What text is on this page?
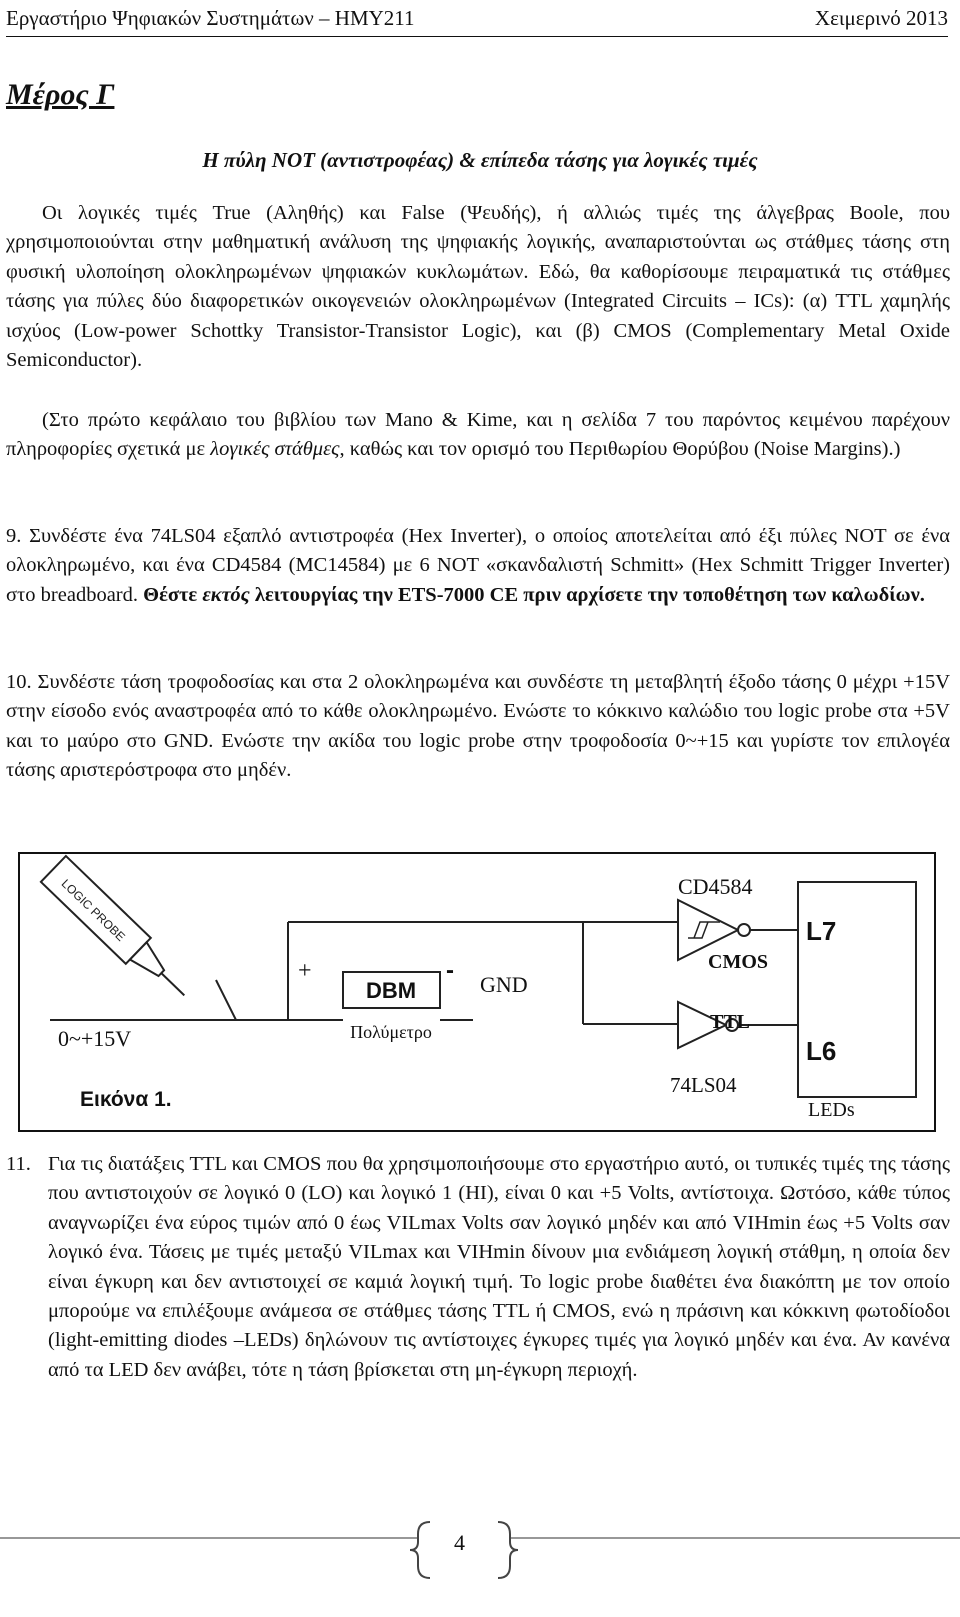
Εργαστήριο Ψηφιακών Συστημάτων – ΗΜΥ211	Χειμερινό 2013
Μέρος Γ
Η πύλη NOT (αντιστροφέας) & επίπεδα τάσης για λογικές τιμές
Οι λογικές τιμές True (Αληθής) και False (Ψευδής), ή αλλιώς τιμές της άλγεβρας Boole, που χρησιμοποιούνται στην μαθηματική ανάλυση της ψηφιακής λογικής, αναπαριστούνται ως στάθμες τάσης στη φυσική υλοποίηση ολοκληρωμένων ψηφιακών κυκλωμάτων. Εδώ, θα καθορίσουμε πειραματικά τις στάθμες τάσης για πύλες δύο διαφορετικών οικογενειών ολοκληρωμένων (Integrated Circuits – ICs): (α) TTL χαμηλής ισχύος (Low-power Schottky Transistor-Transistor Logic), και (β) CMOS (Complementary Metal Oxide Semiconductor).
(Στο πρώτο κεφάλαιο του βιβλίου των Mano & Kime, και η σελίδα 7 του παρόντος κειμένου παρέχουν πληροφορίες σχετικά με λογικές στάθμες, καθώς και τον ορισμό του Περιθωρίου Θορύβου (Noise Margins).)
9. Συνδέστε ένα 74LS04 εξαπλό αντιστροφέα (Hex Inverter), ο οποίος αποτελείται από έξι πύλες NOT σε ένα ολοκληρωμένο, και ένα CD4584 (MC14584) με 6 NOT «σκανδαλιστή Schmitt» (Hex Schmitt Trigger Inverter) στο breadboard. Θέστε εκτός λειτουργίας την ETS-7000 CE πριν αρχίσετε την τοποθέτηση των καλωδίων.
10. Συνδέστε τάση τροφοδοσίας και στα 2 ολοκληρωμένα και συνδέστε τη μεταβλητή έξοδο τάσης 0 μέχρι +15V στην είσοδο ενός αναστροφέα από το κάθε ολοκληρωμένο. Ενώστε το κόκκινο καλώδιο του logic probe στα +5V και το μαύρο στο GND. Ενώστε την ακίδα του logic probe στην τροφοδοσία 0~+15 και γυρίστε τον επιλογέα τάσης αριστερόστροφα στο μηδέν.
LOGIC PROBE
DBM
Πολύμετρο
+	-
GND
0~+15V
Εικόνα 1.
CD4584
CMOS
TTL
74LS04
L7
L6
LEDs
11. Για τις διατάξεις TTL και CMOS που θα χρησιμοποιήσουμε στο εργαστήριο αυτό, οι τυπικές τιμές της τάσης που αντιστοιχούν σε λογικό 0 (LO) και λογικό 1 (HI), είναι 0 και +5 Volts, αντίστοιχα. Ωστόσο, κάθε τύπος αναγνωρίζει ένα εύρος τιμών από 0 έως VILmax Volts σαν λογικό μηδέν και από VIHmin έως +5 Volts σαν λογικό ένα. Τάσεις με τιμές μεταξύ VILmax και VIHmin δίνουν μια ενδιάμεση λογική στάθμη, η οποία δεν είναι έγκυρη και δεν αντιστοιχεί σε καμιά λογική τιμή. Το logic probe διαθέτει ένα διακόπτη με τον οποίο μπορούμε να επιλέξουμε ανάμεσα σε στάθμες τάσης TTL ή CMOS, ενώ η πράσινη και κόκκινη φωτοδίοδοι (light-emitting diodes –LEDs) δηλώνουν τις αντίστοιχες έγκυρες τιμές για λογικό μηδέν και ένα. Αν κανένα από τα LED δεν ανάβει, τότε η τάση βρίσκεται στη μη-έγκυρη περιοχή.
4
